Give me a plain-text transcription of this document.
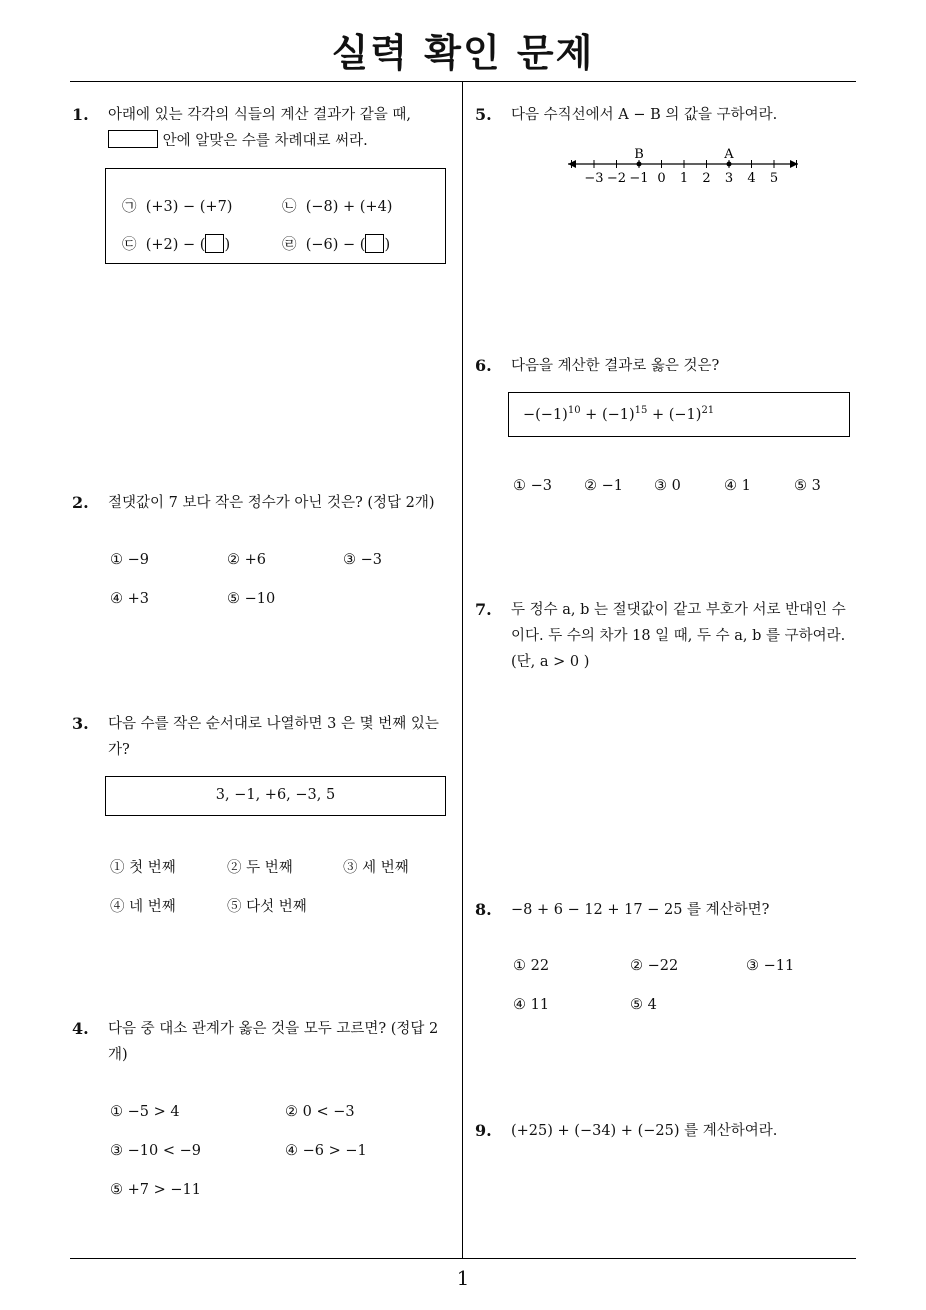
실력 확인 문제
1
1. 아래에 있는 각각의 식들의 계산 결과가 같을 때,
안에 알맞은 수를 차례대로 써라.
㉠ (+3) − (+7)	㉡ (−8) + (+4)
㉢ (+2) − ( )	㉣ (−6) − ( )
2. 절댓값이 7 보다 작은 정수가 아닌 것은? (정답 2개)
① −9	② +6	③ −3
④ +3	⑤ −10
3. 다음 수를 작은 순서대로 나열하면 3 은 몇 번째 있는
가?
3, −1, +6, −3, 5
① 첫 번째	② 두 번째	③ 세 번째
④ 네 번째	⑤ 다섯 번째
4. 다음 중 대소 관계가 옳은 것을 모두 고르면? (정답 2
개)
① −5 > 4	② 0 < −3
③ −10 < −9	④ −6 > −1
⑤ +7 > −11
5. 다음 수직선에서 A − B 의 값을 구하여라.
−3 −2 −1 0 1 2 3 4 5
B	A
6. 다음을 계산한 결과로 옳은 것은?
$-(-1)^{10} + (-1)^{15} + (-1)^{21}$
① −3 ② −1 ③ 0	④ 1	⑤ 3
7. 두 정수 a, b 는 절댓값이 같고 부호가 서로 반대인 수
이다. 두 수의 차가 18 일 때, 두 수 a, b 를 구하여라.
(단, a > 0 )
8. −8 + 6 − 12 + 17 − 25 를 계산하면?
① 22	② −22	③ −11
④ 11	⑤ 4
9. (+25) + (−34) + (−25) 를 계산하여라.
